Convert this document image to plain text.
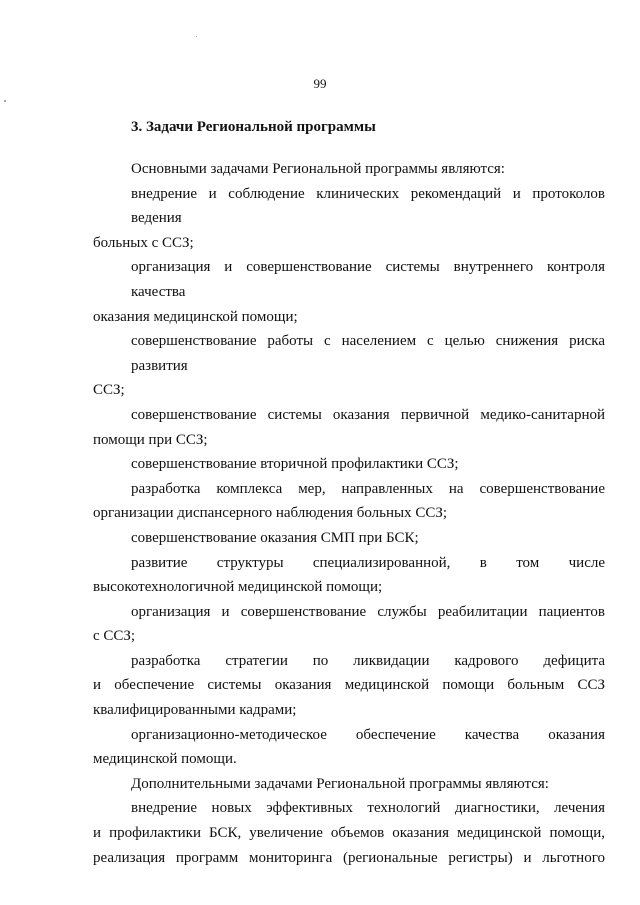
99
3. Задачи Региональной программы
Основными задачами Региональной программы являются:
внедрение и соблюдение клинических рекомендаций и протоколов ведения
больных с ССЗ;
организация и совершенствование системы внутреннего контроля качества
оказания медицинской помощи;
совершенствование работы с населением с целью снижения риска развития
ССЗ;
совершенствование системы оказания первичной медико-санитарной
помощи при ССЗ;
совершенствование вторичной профилактики ССЗ;
разработка комплекса мер, направленных на совершенствование
организации диспансерного наблюдения больных ССЗ;
совершенствование оказания СМП при БСК;
развитие структуры специализированной, в том числе
высокотехнологичной медицинской помощи;
организация и совершенствование службы реабилитации пациентов
с ССЗ;
разработка стратегии по ликвидации кадрового дефицита
и обеспечение системы оказания медицинской помощи больным ССЗ
квалифицированными кадрами;
организационно-методическое обеспечение качества оказания
медицинской помощи.
Дополнительными задачами Региональной программы являются:
внедрение новых эффективных технологий диагностики, лечения
и профилактики БСК, увеличение объемов оказания медицинской помощи,
реализация программ мониторинга (региональные регистры) и льготного
